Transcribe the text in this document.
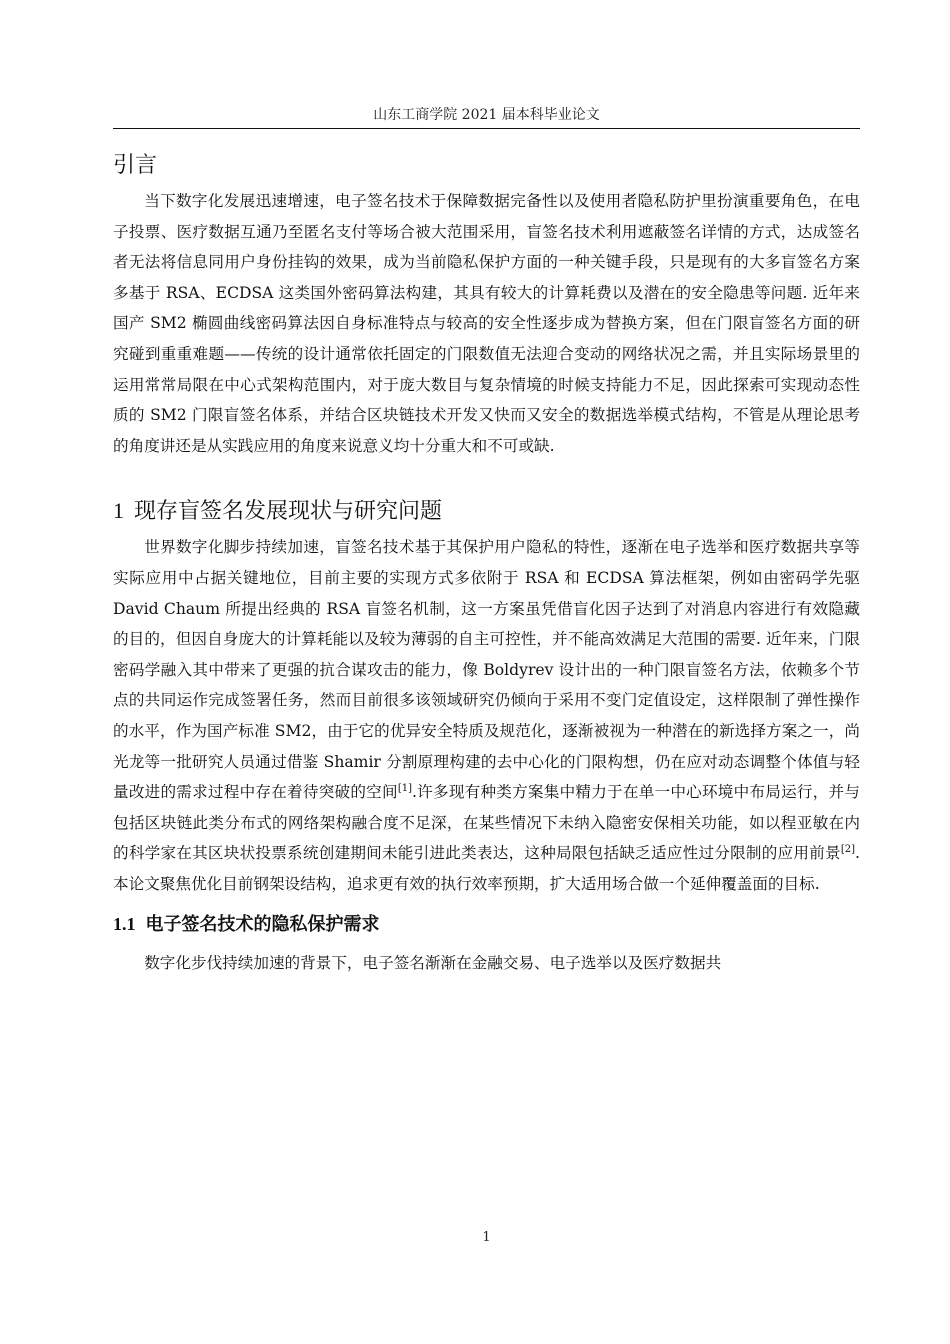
山东工商学院 2021 届本科毕业论文
引言

当下数字化发展迅速增速，电子签名技术于保障数据完备性以及使用者隐私防护里扮演重要角色，在电子投票、医疗数据互通乃至匿名支付等场合被大范围采用，盲签名技术利用遮蔽签名详情的方式，达成签名者无法将信息同用户身份挂钩的效果，成为当前隐私保护方面的一种关键手段，只是现有的大多盲签名方案多基于 RSA、ECDSA 这类国外密码算法构建，其具有较大的计算耗费以及潜在的安全隐患等问题. 近年来国产 SM2 椭圆曲线密码算法因自身标准特点与较高的安全性逐步成为替换方案，但在门限盲签名方面的研究碰到重重难题——传统的设计通常依托固定的门限数值无法迎合变动的网络状况之需，并且实际场景里的运用常常局限在中心式架构范围内，对于庞大数目与复杂情境的时候支持能力不足，因此探索可实现动态性质的 SM2 门限盲签名体系，并结合区块链技术开发又快而又安全的数据选举模式结构，不管是从理论思考的角度讲还是从实践应用的角度来说意义均十分重大和不可或缺.

1 现存盲签名发展现状与研究问题

世界数字化脚步持续加速，盲签名技术基于其保护用户隐私的特性，逐渐在电子选举和医疗数据共享等实际应用中占据关键地位，目前主要的实现方式多依附于 RSA 和 ECDSA 算法框架，例如由密码学先驱 David Chaum 所提出经典的 RSA 盲签名机制，这一方案虽凭借盲化因子达到了对消息内容进行有效隐藏的目的，但因自身庞大的计算耗能以及较为薄弱的自主可控性，并不能高效满足大范围的需要. 近年来，门限密码学融入其中带来了更强的抗合谋攻击的能力，像 Boldyrev 设计出的一种门限盲签名方法，依赖多个节点的共同运作完成签署任务，然而目前很多该领域研究仍倾向于采用不变门定值设定，这样限制了弹性操作的水平，作为国产标准 SM2，由于它的优异安全特质及规范化，逐渐被视为一种潜在的新选择方案之一，尚光龙等一批研究人员通过借鉴 Shamir 分割原理构建的去中心化的门限构想，仍在应对动态调整个体值与轻量改进的需求过程中存在着待突破的空间[1].许多现有种类方案集中精力于在单一中心环境中布局运行，并与包括区块链此类分布式的网络架构融合度不足深，在某些情况下未纳入隐密安保相关功能，如以程亚敏在内的科学家在其区块状投票系统创建期间未能引进此类表达，这种局限包括缺乏适应性过分限制的应用前景[2]. 本论文聚焦优化目前钢架设结构，追求更有效的执行效率预期，扩大适用场合做一个延伸覆盖面的目标.

1.1 电子签名技术的隐私保护需求

数字化步伐持续加速的背景下，电子签名渐渐在金融交易、电子选举以及医疗数据共

1
